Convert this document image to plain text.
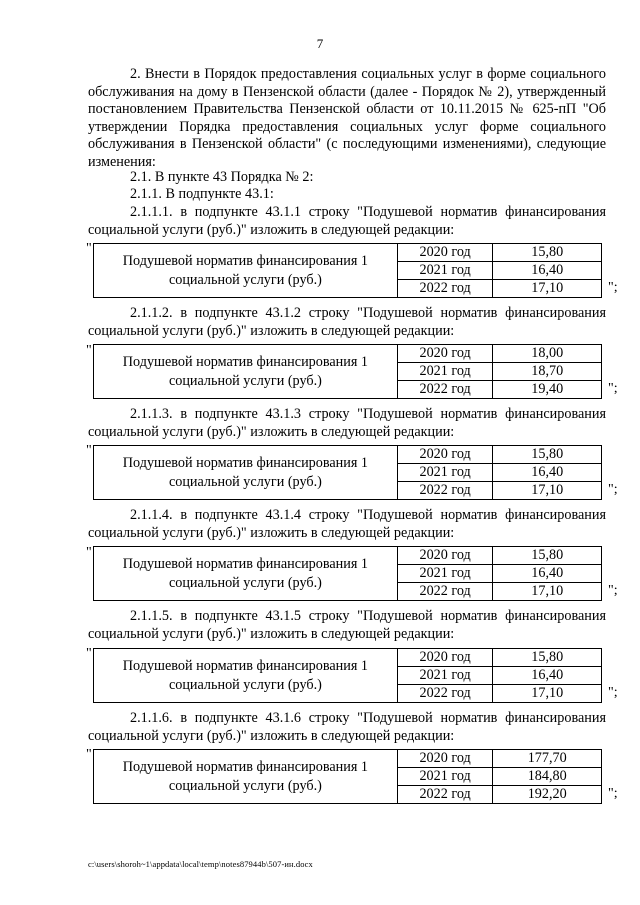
7

2. Внести в Порядок предоставления социальных услуг в форме социального обслуживания на дому в Пензенской области (далее - Порядок № 2), утвержденный постановлением Правительства Пензенской области от 10.11.2015 № 625-пП "Об утверждении Порядка предоставления социальных услуг форме социального обслуживания в Пензенской области" (с последующими изменениями), следующие изменения:

2.1. В пункте 43 Порядка № 2:

2.1.1. В подпункте 43.1:

2.1.1.1. в подпункте 43.1.1 строку "Подушевой норматив финансирования социальной услуги (руб.)" изложить в следующей редакции:

"
Подушевой норматив финансирования 1 социальной услуги (руб.)	2020 год	15,80
	2021 год	16,40
	2022 год	17,10	";

2.1.1.2. в подпункте 43.1.2 строку "Подушевой норматив финансирования социальной услуги (руб.)" изложить в следующей редакции:

"
Подушевой норматив финансирования 1 социальной услуги (руб.)	2020 год	18,00
	2021 год	18,70
	2022 год	19,40	";

2.1.1.3. в подпункте 43.1.3 строку "Подушевой норматив финансирования социальной услуги (руб.)" изложить в следующей редакции:

"
Подушевой норматив финансирования 1 социальной услуги (руб.)	2020 год	15,80
	2021 год	16,40
	2022 год	17,10	";

2.1.1.4. в подпункте 43.1.4 строку "Подушевой норматив финансирования социальной услуги (руб.)" изложить в следующей редакции:

"
Подушевой норматив финансирования 1 социальной услуги (руб.)	2020 год	15,80
	2021 год	16,40
	2022 год	17,10	";

2.1.1.5. в подпункте 43.1.5 строку "Подушевой норматив финансирования социальной услуги (руб.)" изложить в следующей редакции:

"
Подушевой норматив финансирования 1 социальной услуги (руб.)	2020 год	15,80
	2021 год	16,40
	2022 год	17,10	";

2.1.1.6. в подпункте 43.1.6 строку "Подушевой норматив финансирования социальной услуги (руб.)" изложить в следующей редакции:

"
Подушевой норматив финансирования 1 социальной услуги (руб.)	2020 год	177,70
	2021 год	184,80
	2022 год	192,20	";
c:\users\shoroh~1\appdata\local\temp\notes87944b\507-ин.docx
